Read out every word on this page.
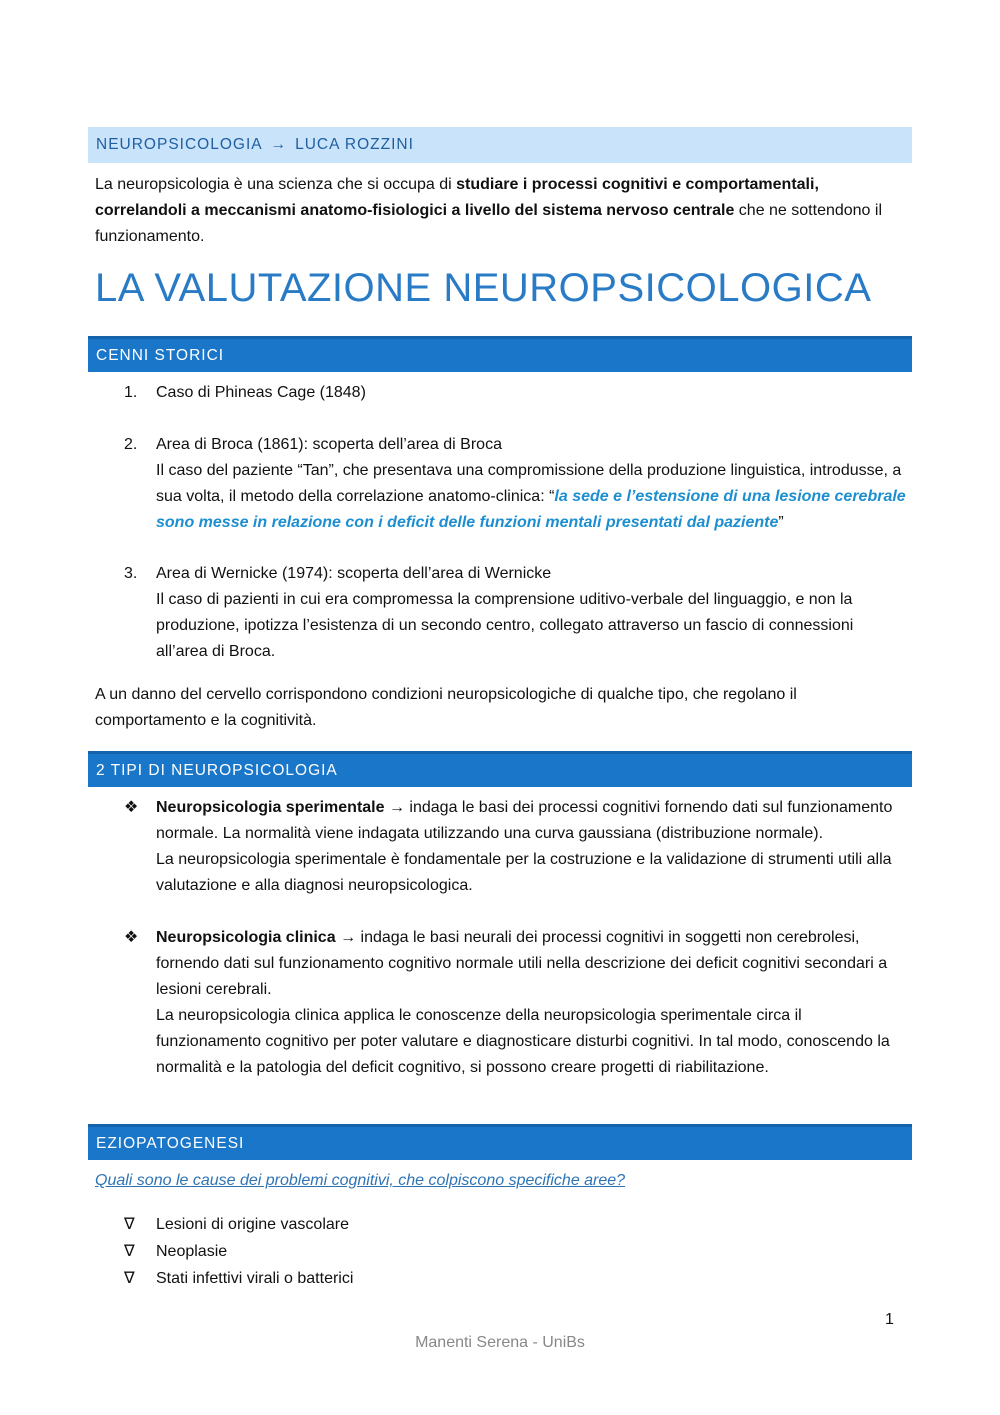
NEUROPSICOLOGIA → LUCA ROZZINI
La neuropsicologia è una scienza che si occupa di studiare i processi cognitivi e comportamentali, correlandoli a meccanismi anatomo-fisiologici a livello del sistema nervoso centrale che ne sottendono il funzionamento.
LA VALUTAZIONE NEUROPSICOLOGICA
CENNI STORICI
1. Caso di Phineas Cage (1848)
2. Area di Broca (1861): scoperta dell’area di Broca
Il caso del paziente “Tan”, che presentava una compromissione della produzione linguistica, introdusse, a sua volta, il metodo della correlazione anatomo-clinica: “la sede e l’estensione di una lesione cerebrale sono messe in relazione con i deficit delle funzioni mentali presentati dal paziente”
3. Area di Wernicke (1974): scoperta dell’area di Wernicke
Il caso di pazienti in cui era compromessa la comprensione uditivo-verbale del linguaggio, e non la produzione, ipotizza l’esistenza di un secondo centro, collegato attraverso un fascio di connessioni all’area di Broca.
A un danno del cervello corrispondono condizioni neuropsicologiche di qualche tipo, che regolano il comportamento e la cognitività.
2 TIPI DI NEUROPSICOLOGIA
❖ Neuropsicologia sperimentale → indaga le basi dei processi cognitivi fornendo dati sul funzionamento normale. La normalità viene indagata utilizzando una curva gaussiana (distribuzione normale).
La neuropsicologia sperimentale è fondamentale per la costruzione e la validazione di strumenti utili alla valutazione e alla diagnosi neuropsicologica.
❖ Neuropsicologia clinica → indaga le basi neurali dei processi cognitivi in soggetti non cerebrolesi, fornendo dati sul funzionamento cognitivo normale utili nella descrizione dei deficit cognitivi secondari a lesioni cerebrali.
La neuropsicologia clinica applica le conoscenze della neuropsicologia sperimentale circa il funzionamento cognitivo per poter valutare e diagnosticare disturbi cognitivi. In tal modo, conoscendo la normalità e la patologia del deficit cognitivo, si possono creare progetti di riabilitazione.
EZIOPATOGENESI
Quali sono le cause dei problemi cognitivi, che colpiscono specifiche aree?
∇ Lesioni di origine vascolare
∇ Neoplasie
∇ Stati infettivi virali o batterici
1
Manenti Serena - UniBs
